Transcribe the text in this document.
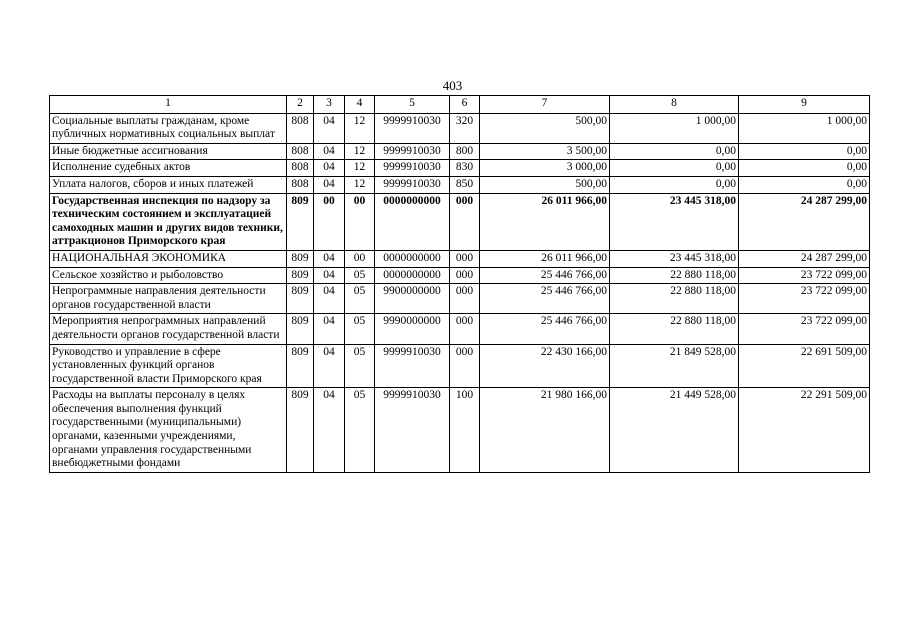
403
1	2	3	4	5	6	7	8	9
Социальные выплаты гражданам, кроме публичных нормативных социальных выплат	808	04	12	9999910030	320	500,00	1 000,00	1 000,00
Иные бюджетные ассигнования	808	04	12	9999910030	800	3 500,00	0,00	0,00
Исполнение судебных актов	808	04	12	9999910030	830	3 000,00	0,00	0,00
Уплата налогов, сборов и иных платежей	808	04	12	9999910030	850	500,00	0,00	0,00
Государственная инспекция по надзору за техническим состоянием и эксплуатацией самоходных машин и других видов техники, аттракционов Приморского края	809	00	00	0000000000	000	26 011 966,00	23 445 318,00	24 287 299,00
НАЦИОНАЛЬНАЯ ЭКОНОМИКА	809	04	00	0000000000	000	26 011 966,00	23 445 318,00	24 287 299,00
Сельское хозяйство и рыболовство	809	04	05	0000000000	000	25 446 766,00	22 880 118,00	23 722 099,00
Непрограммные направления деятельности органов государственной власти	809	04	05	9900000000	000	25 446 766,00	22 880 118,00	23 722 099,00
Мероприятия непрограммных направлений деятельности органов государственной власти	809	04	05	9990000000	000	25 446 766,00	22 880 118,00	23 722 099,00
Руководство и управление в сфере установленных функций органов государственной власти Приморского края	809	04	05	9999910030	000	22 430 166,00	21 849 528,00	22 691 509,00
Расходы на выплаты персоналу в целях обеспечения выполнения функций государственными (муниципальными) органами, казенными учреждениями, органами управления государственными внебюджетными фондами	809	04	05	9999910030	100	21 980 166,00	21 449 528,00	22 291 509,00
